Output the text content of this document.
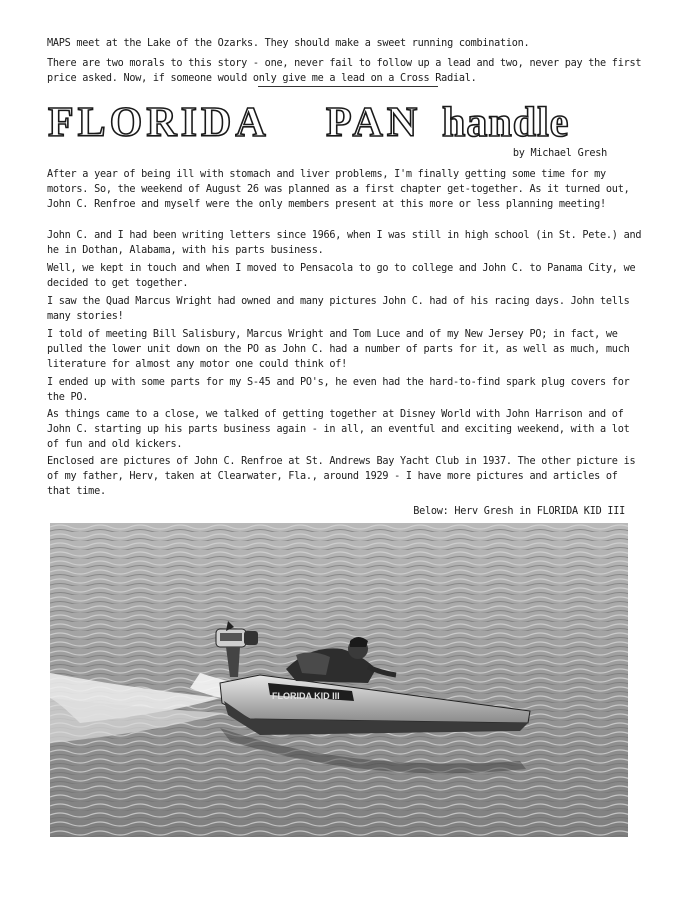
MAPS meet at the Lake of the Ozarks. They should make a sweet running combination.
There are two morals to this story - one, never fail to follow up a lead and two, never pay the first price asked. Now, if someone would only give me a lead on a Cross Radial.
FLORIDA PAN handle
by Michael Gresh
After a year of being ill with stomach and liver problems, I'm finally getting some time for my motors. So, the weekend of August 26 was planned as a first chapter get-together. As it turned out, John C. Renfroe and myself were the only members present at this more or less planning meeting!
John C. and I had been writing letters since 1966, when I was still in high school (in St. Pete.) and he in Dothan, Alabama, with his parts business.
Well, we kept in touch and when I moved to Pensacola to go to college and John C. to Panama City, we decided to get together.
I saw the Quad Marcus Wright had owned and many pictures John C. had of his racing days. John tells many stories!
I told of meeting Bill Salisbury, Marcus Wright and Tom Luce and of my New Jersey PO; in fact, we pulled the lower unit down on the PO as John C. had a number of parts for it, as well as much, much literature for almost any motor one could think of!
I ended up with some parts for my S-45 and PO's, he even had the hard-to-find spark plug covers for the PO.
As things came to a close, we talked of getting together at Disney World with John Harrison and of John C. starting up his parts business again - in all, an eventful and exciting weekend, with a lot of fun and old kickers.
Enclosed are pictures of John C. Renfroe at St. Andrews Bay Yacht Club in 1937. The other picture is of my father, Herv, taken at Clearwater, Fla., around 1929 - I have more pictures and articles of that time.
Below: Herv Gresh in FLORIDA KID III
FLORIDA KID III
